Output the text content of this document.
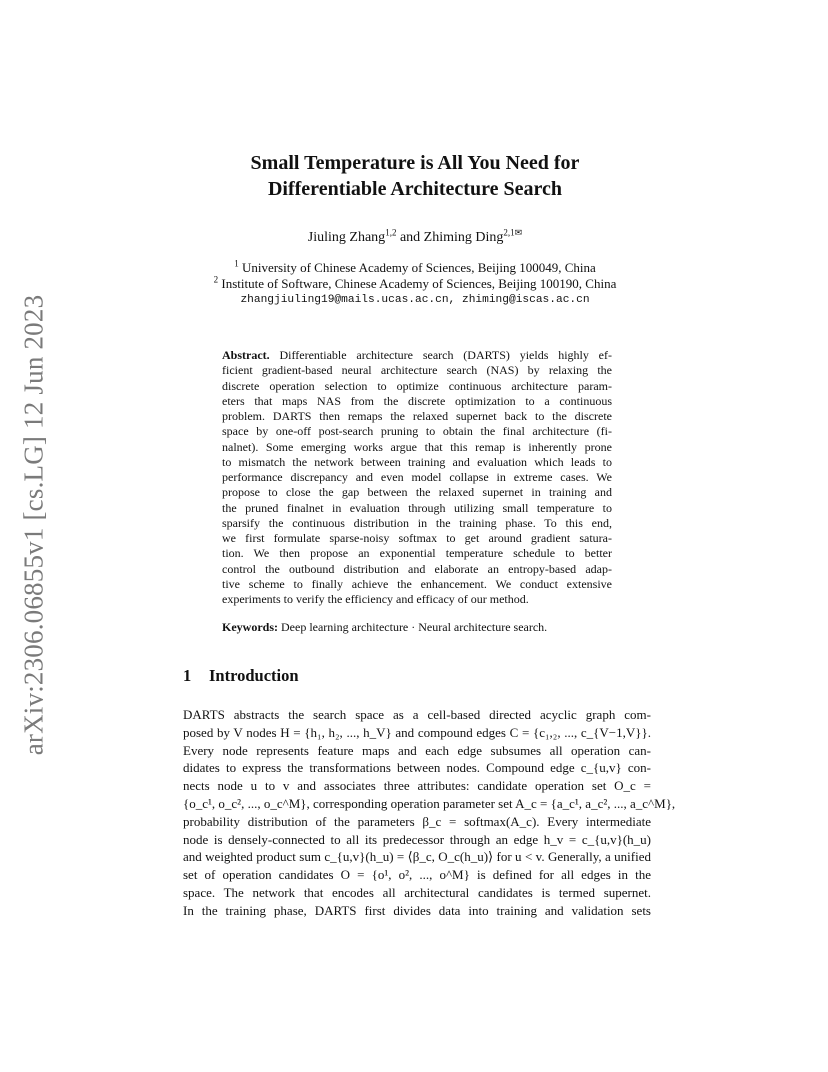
arXiv:2306.06855v1 [cs.LG] 12 Jun 2023
Small Temperature is All You Need for
Differentiable Architecture Search
Jiuling Zhang$^{1,2}$ and Zhiming Ding$^{2,1✉}$
$^1$ University of Chinese Academy of Sciences, Beijing 100049, China
$^2$ Institute of Software, Chinese Academy of Sciences, Beijing 100190, China
zhangjiuling19@mails.ucas.ac.cn, zhiming@iscas.ac.cn
Abstract. Differentiable architecture search (DARTS) yields highly ef-
ficient gradient-based neural architecture search (NAS) by relaxing the
discrete operation selection to optimize continuous architecture param-
eters that maps NAS from the discrete optimization to a continuous
problem. DARTS then remaps the relaxed supernet back to the discrete
space by one-off post-search pruning to obtain the final architecture (fi-
nalnet). Some emerging works argue that this remap is inherently prone
to mismatch the network between training and evaluation which leads to
performance discrepancy and even model collapse in extreme cases. We
propose to close the gap between the relaxed supernet in training and
the pruned finalnet in evaluation through utilizing small temperature to
sparsify the continuous distribution in the training phase. To this end,
we first formulate sparse-noisy softmax to get around gradient satura-
tion. We then propose an exponential temperature schedule to better
control the outbound distribution and elaborate an entropy-based adap-
tive scheme to finally achieve the enhancement. We conduct extensive
experiments to verify the efficiency and efficacy of our method.
Keywords: Deep learning architecture · Neural architecture search.
1 Introduction
DARTS abstracts the search space as a cell-based directed acyclic graph com-
posed by V nodes H = {h₁, h₂, ..., h_V} and compound edges C = {c₁,₂, ..., c_{V−1,V}}.
Every node represents feature maps and each edge subsumes all operation can-
didates to express the transformations between nodes. Compound edge c_{u,v} con-
nects node u to v and associates three attributes: candidate operation set O_c =
{o_c¹, o_c², ..., o_c^M}, corresponding operation parameter set A_c = {a_c¹, a_c², ..., a_c^M},
probability distribution of the parameters β_c = softmax(A_c). Every intermediate
node is densely-connected to all its predecessor through an edge h_v = c_{u,v}(h_u)
and weighted product sum c_{u,v}(h_u) = ⟨β_c, O_c(h_u)⟩ for u < v. Generally, a unified
set of operation candidates O = {o¹, o², ..., o^M} is defined for all edges in the
space. The network that encodes all architectural candidates is termed supernet.
In the training phase, DARTS first divides data into training and validation sets
